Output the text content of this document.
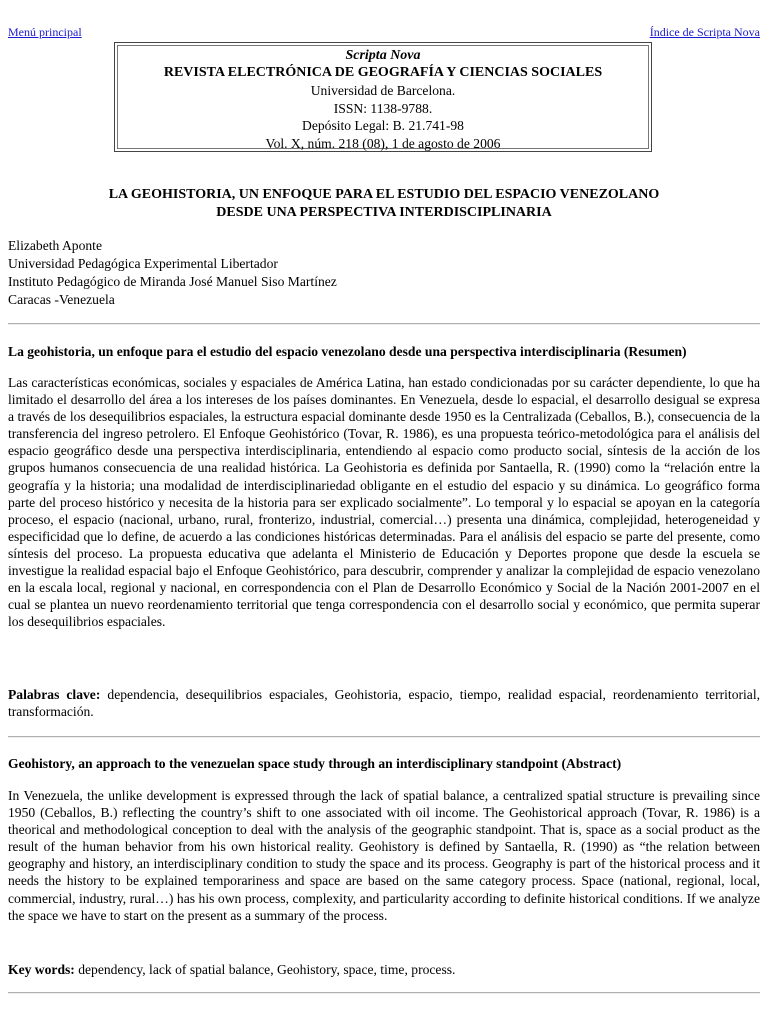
Menú principal	Índice de Scripta Nova
Scripta Nova
REVISTA ELECTRÓNICA DE GEOGRAFÍA Y CIENCIAS SOCIALES
Universidad de Barcelona.
ISSN: 1138-9788.
Depósito Legal: B. 21.741-98
Vol. X, núm. 218 (08), 1 de agosto de 2006
LA GEOHISTORIA, UN ENFOQUE PARA EL ESTUDIO DEL ESPACIO VENEZOLANO
DESDE UNA PERSPECTIVA INTERDISCIPLINARIA
Elizabeth Aponte
Universidad Pedagógica Experimental Libertador
Instituto Pedagógico de Miranda José Manuel Siso Martínez
Caracas -Venezuela
La geohistoria, un enfoque para el estudio del espacio venezolano desde una perspectiva interdisciplinaria (Resumen)
Las características económicas, sociales y espaciales de América Latina, han estado condicionadas por su carácter dependiente, lo que ha limitado el desarrollo del área a los intereses de los países dominantes. En Venezuela, desde lo espacial, el desarrollo desigual se expresa a través de los desequilibrios espaciales, la estructura espacial dominante desde 1950 es la Centralizada (Ceballos, B.), consecuencia de la transferencia del ingreso petrolero. El Enfoque Geohistórico (Tovar, R. 1986), es una propuesta teórico-metodológica para el análisis del espacio geográfico desde una perspectiva interdisciplinaria, entendiendo al espacio como producto social, síntesis de la acción de los grupos humanos consecuencia de una realidad histórica. La Geohistoria es definida por Santaella, R. (1990) como la “relación entre la geografía y la historia; una modalidad de interdisciplinariedad obligante en el estudio del espacio y su dinámica. Lo geográfico forma parte del proceso histórico y necesita de la historia para ser explicado socialmente”. Lo temporal y lo espacial se apoyan en la categoría proceso, el espacio (nacional, urbano, rural, fronterizo, industrial, comercial…) presenta una dinámica, complejidad, heterogeneidad y especificidad que lo define, de acuerdo a las condiciones históricas determinadas. Para el análisis del espacio se parte del presente, como síntesis del proceso. La propuesta educativa que adelanta el Ministerio de Educación y Deportes propone que desde la escuela se investigue la realidad espacial bajo el Enfoque Geohistórico, para descubrir, comprender y analizar la complejidad de espacio venezolano en la escala local, regional y nacional, en correspondencia con el Plan de Desarrollo Económico y Social de la Nación 2001-2007 en el cual se plantea un nuevo reordenamiento territorial que tenga correspondencia con el desarrollo social y económico, que permita superar los desequilibrios espaciales.
Palabras clave: dependencia, desequilibrios espaciales, Geohistoria, espacio, tiempo, realidad espacial, reordenamiento territorial, transformación.
Geohistory, an approach to the venezuelan space study through an interdisciplinary standpoint (Abstract)
In Venezuela, the unlike development is expressed through the lack of spatial balance, a centralized spatial structure is prevailing since 1950 (Ceballos, B.) reflecting the country’s shift to one associated with oil income. The Geohistorical approach (Tovar, R. 1986) is a theorical and methodological conception to deal with the analysis of the geographic standpoint. That is, space as a social product as the result of the human behavior from his own historical reality. Geohistory is defined by Santaella, R. (1990) as “the relation between geography and history, an interdisciplinary condition to study the space and its process. Geography is part of the historical process and it needs the history to be explained temporariness and space are based on the same category process. Space (national, regional, local, commercial, industry, rural…) has his own process, complexity, and particularity according to definite historical conditions. If we analyze the space we have to start on the present as a summary of the process.
Key words: dependency, lack of spatial balance, Geohistory, space, time, process.
